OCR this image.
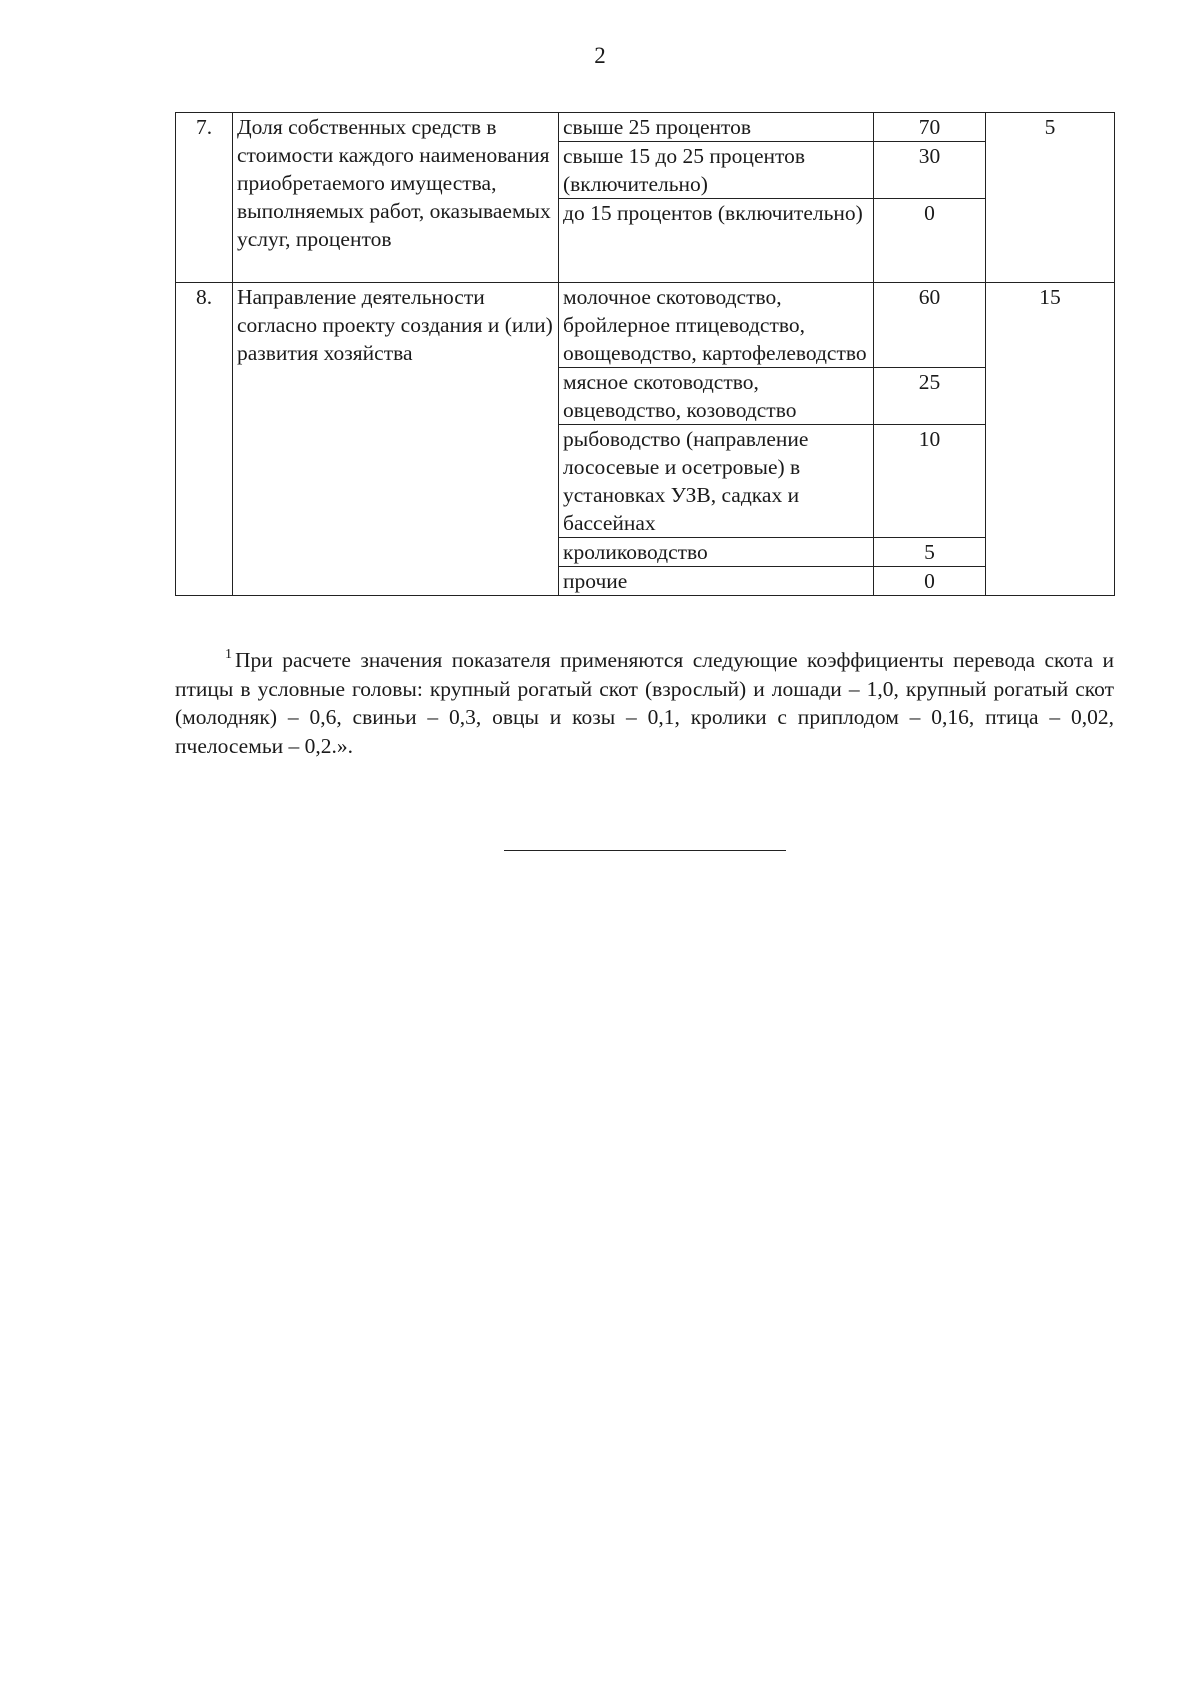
2
7.	Доля собственных средств в стоимости каждого наименования приобретаемого имущества, выполняемых работ, оказываемых услуг, процентов	свыше 25 процентов	70	5
		свыше 15 до 25 процентов (включительно)	30	
		до 15 процентов (включительно)	0	
8.	Направление деятельности согласно проекту создания и (или) развития хозяйства	молочное скотоводство, бройлерное птицеводство, овощеводство, картофелеводство	60	15
		мясное скотоводство, овцеводство, козоводство	25	
		рыбоводство (направление лососевые и осетровые) в установках УЗВ, садках и бассейнах	10	
		кролиководство	5	
		прочие	0	

$^1$ При расчете значения показателя применяются следующие коэффициенты перевода скота и птицы в условные головы: крупный рогатый скот (взрослый) и лошади – 1,0, крупный рогатый скот (молодняк) – 0,6, свиньи – 0,3, овцы и козы – 0,1, кролики с приплодом – 0,16, птица – 0,02, пчелосемьи – 0,2.».
